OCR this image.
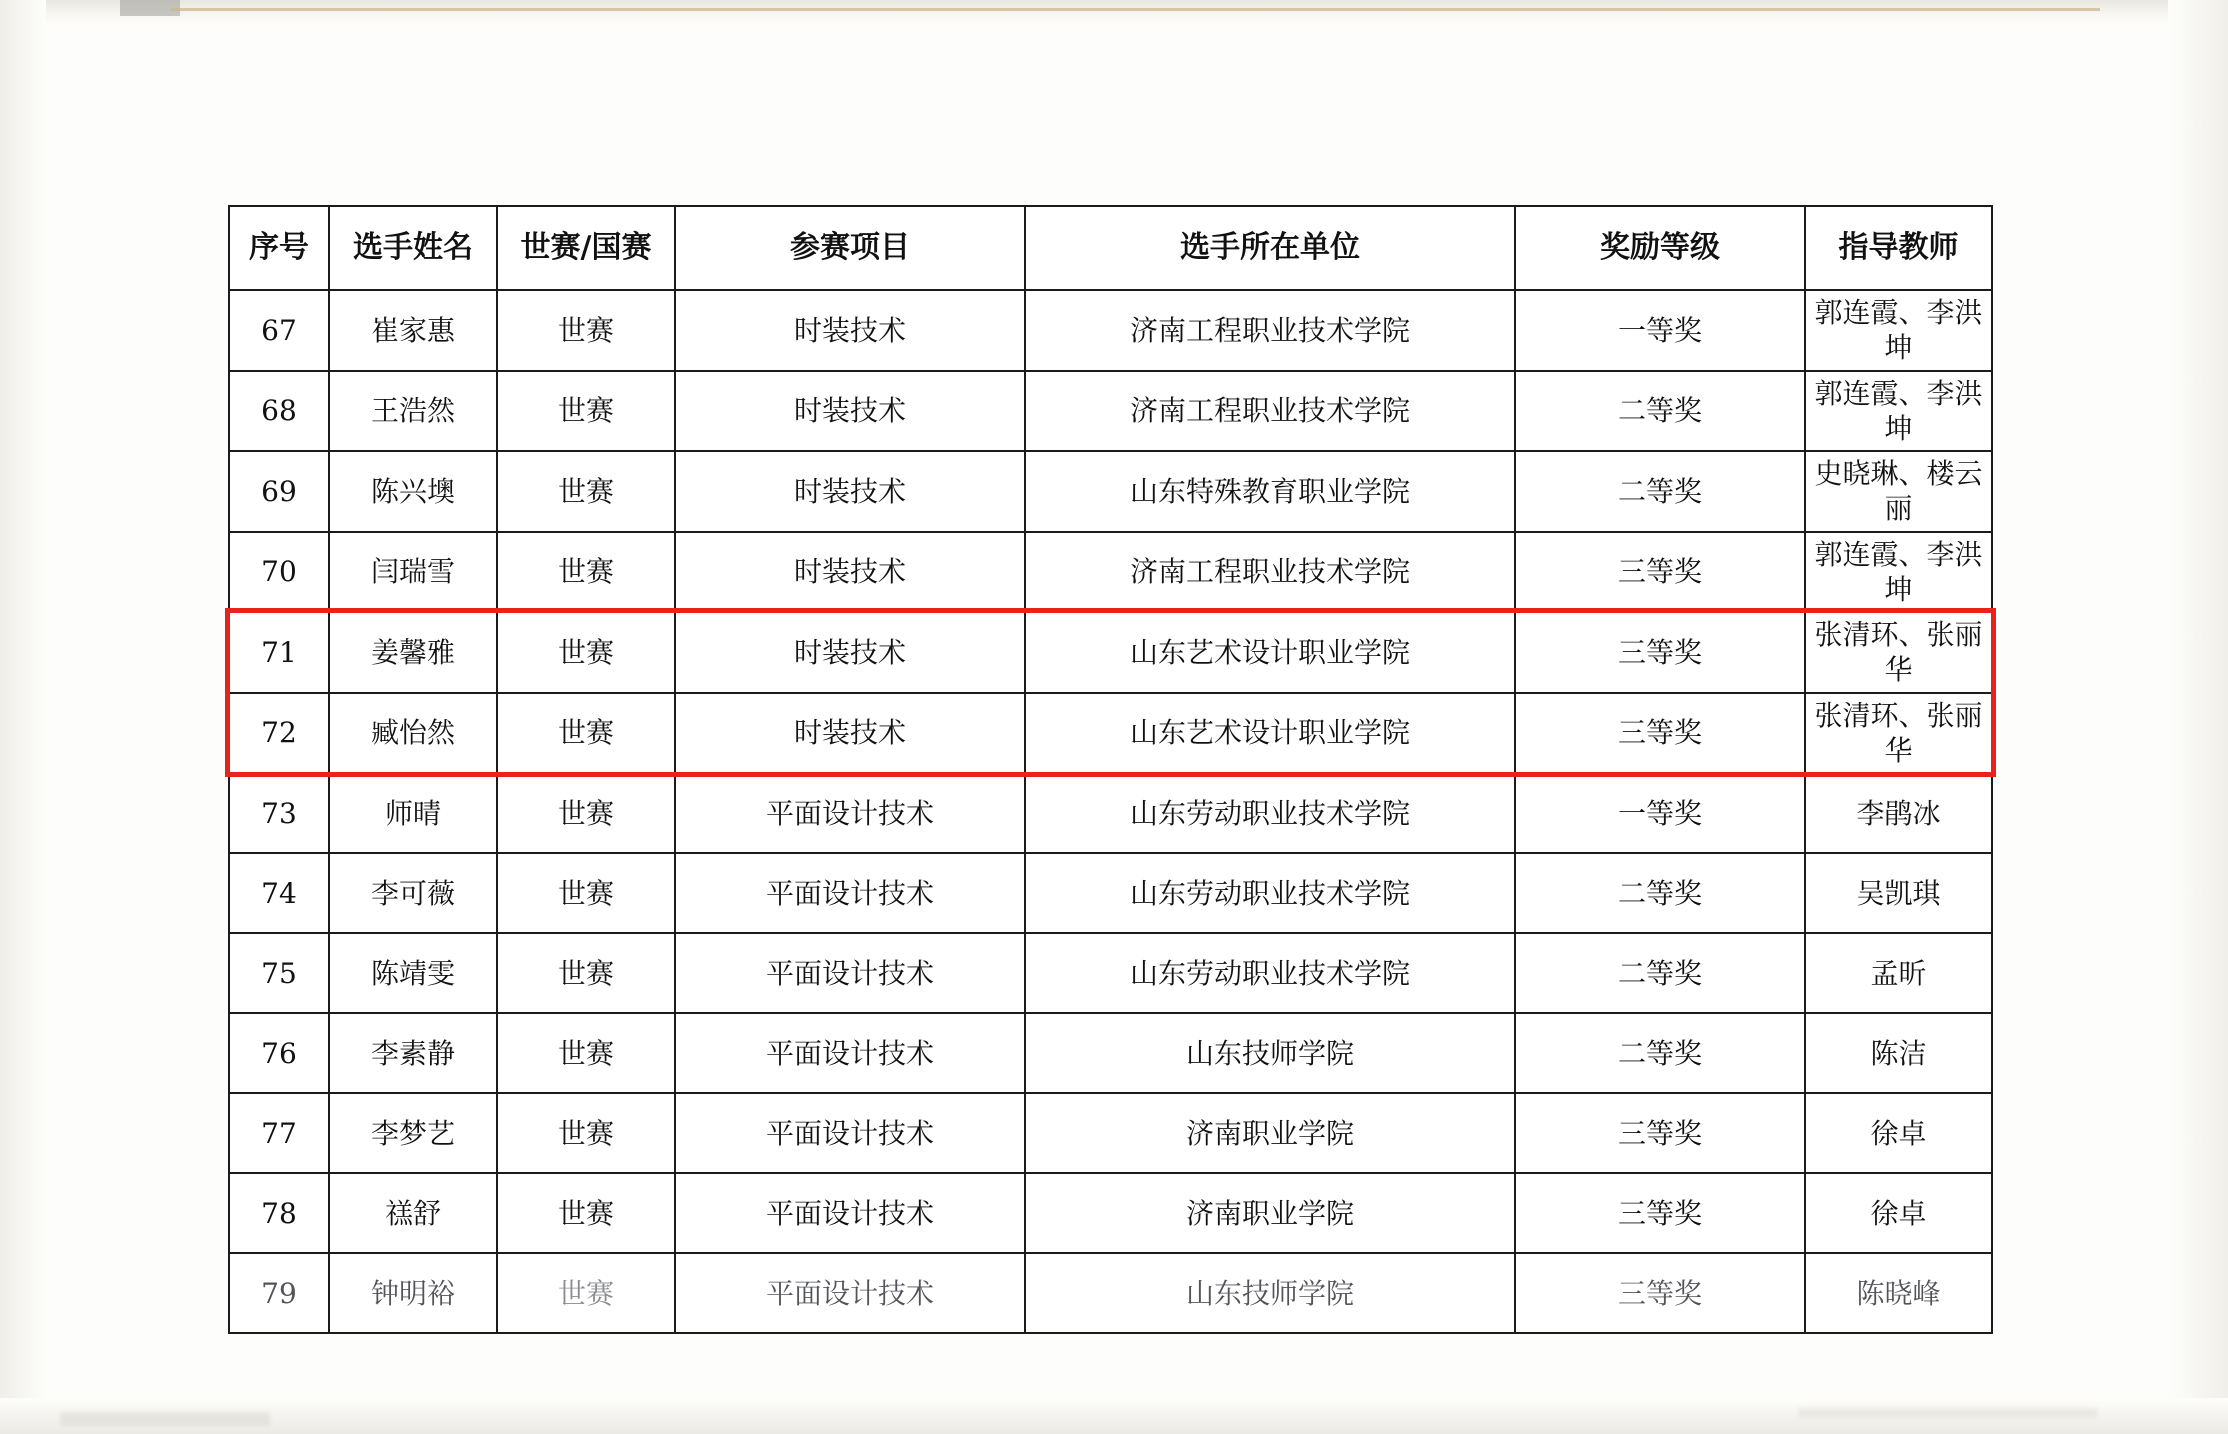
序号	选手姓名	世赛/国赛	参赛项目	选手所在单位	奖励等级	指导教师
67	崔家惠	世赛	时装技术	济南工程职业技术学院	一等奖	郭连霞、李洪坤
68	王浩然	世赛	时装技术	济南工程职业技术学院	二等奖	郭连霞、李洪坤
69	陈兴墺	世赛	时装技术	山东特殊教育职业学院	二等奖	史晓琳、楼云丽
70	闫瑞雪	世赛	时装技术	济南工程职业技术学院	三等奖	郭连霞、李洪坤
71	姜馨雅	世赛	时装技术	山东艺术设计职业学院	三等奖	张清环、张丽华
72	臧怡然	世赛	时装技术	山东艺术设计职业学院	三等奖	张清环、张丽华
73	师晴	世赛	平面设计技术	山东劳动职业技术学院	一等奖	李鹃冰
74	李可薇	世赛	平面设计技术	山东劳动职业技术学院	二等奖	吴凯琪
75	陈靖雯	世赛	平面设计技术	山东劳动职业技术学院	二等奖	孟昕
76	李素静	世赛	平面设计技术	山东技师学院	二等奖	陈洁
77	李梦艺	世赛	平面设计技术	济南职业学院	三等奖	徐卓
78	禚舒	世赛	平面设计技术	济南职业学院	三等奖	徐卓
79	钟明裕	世赛	平面设计技术	山东技师学院	三等奖	陈晓峰
